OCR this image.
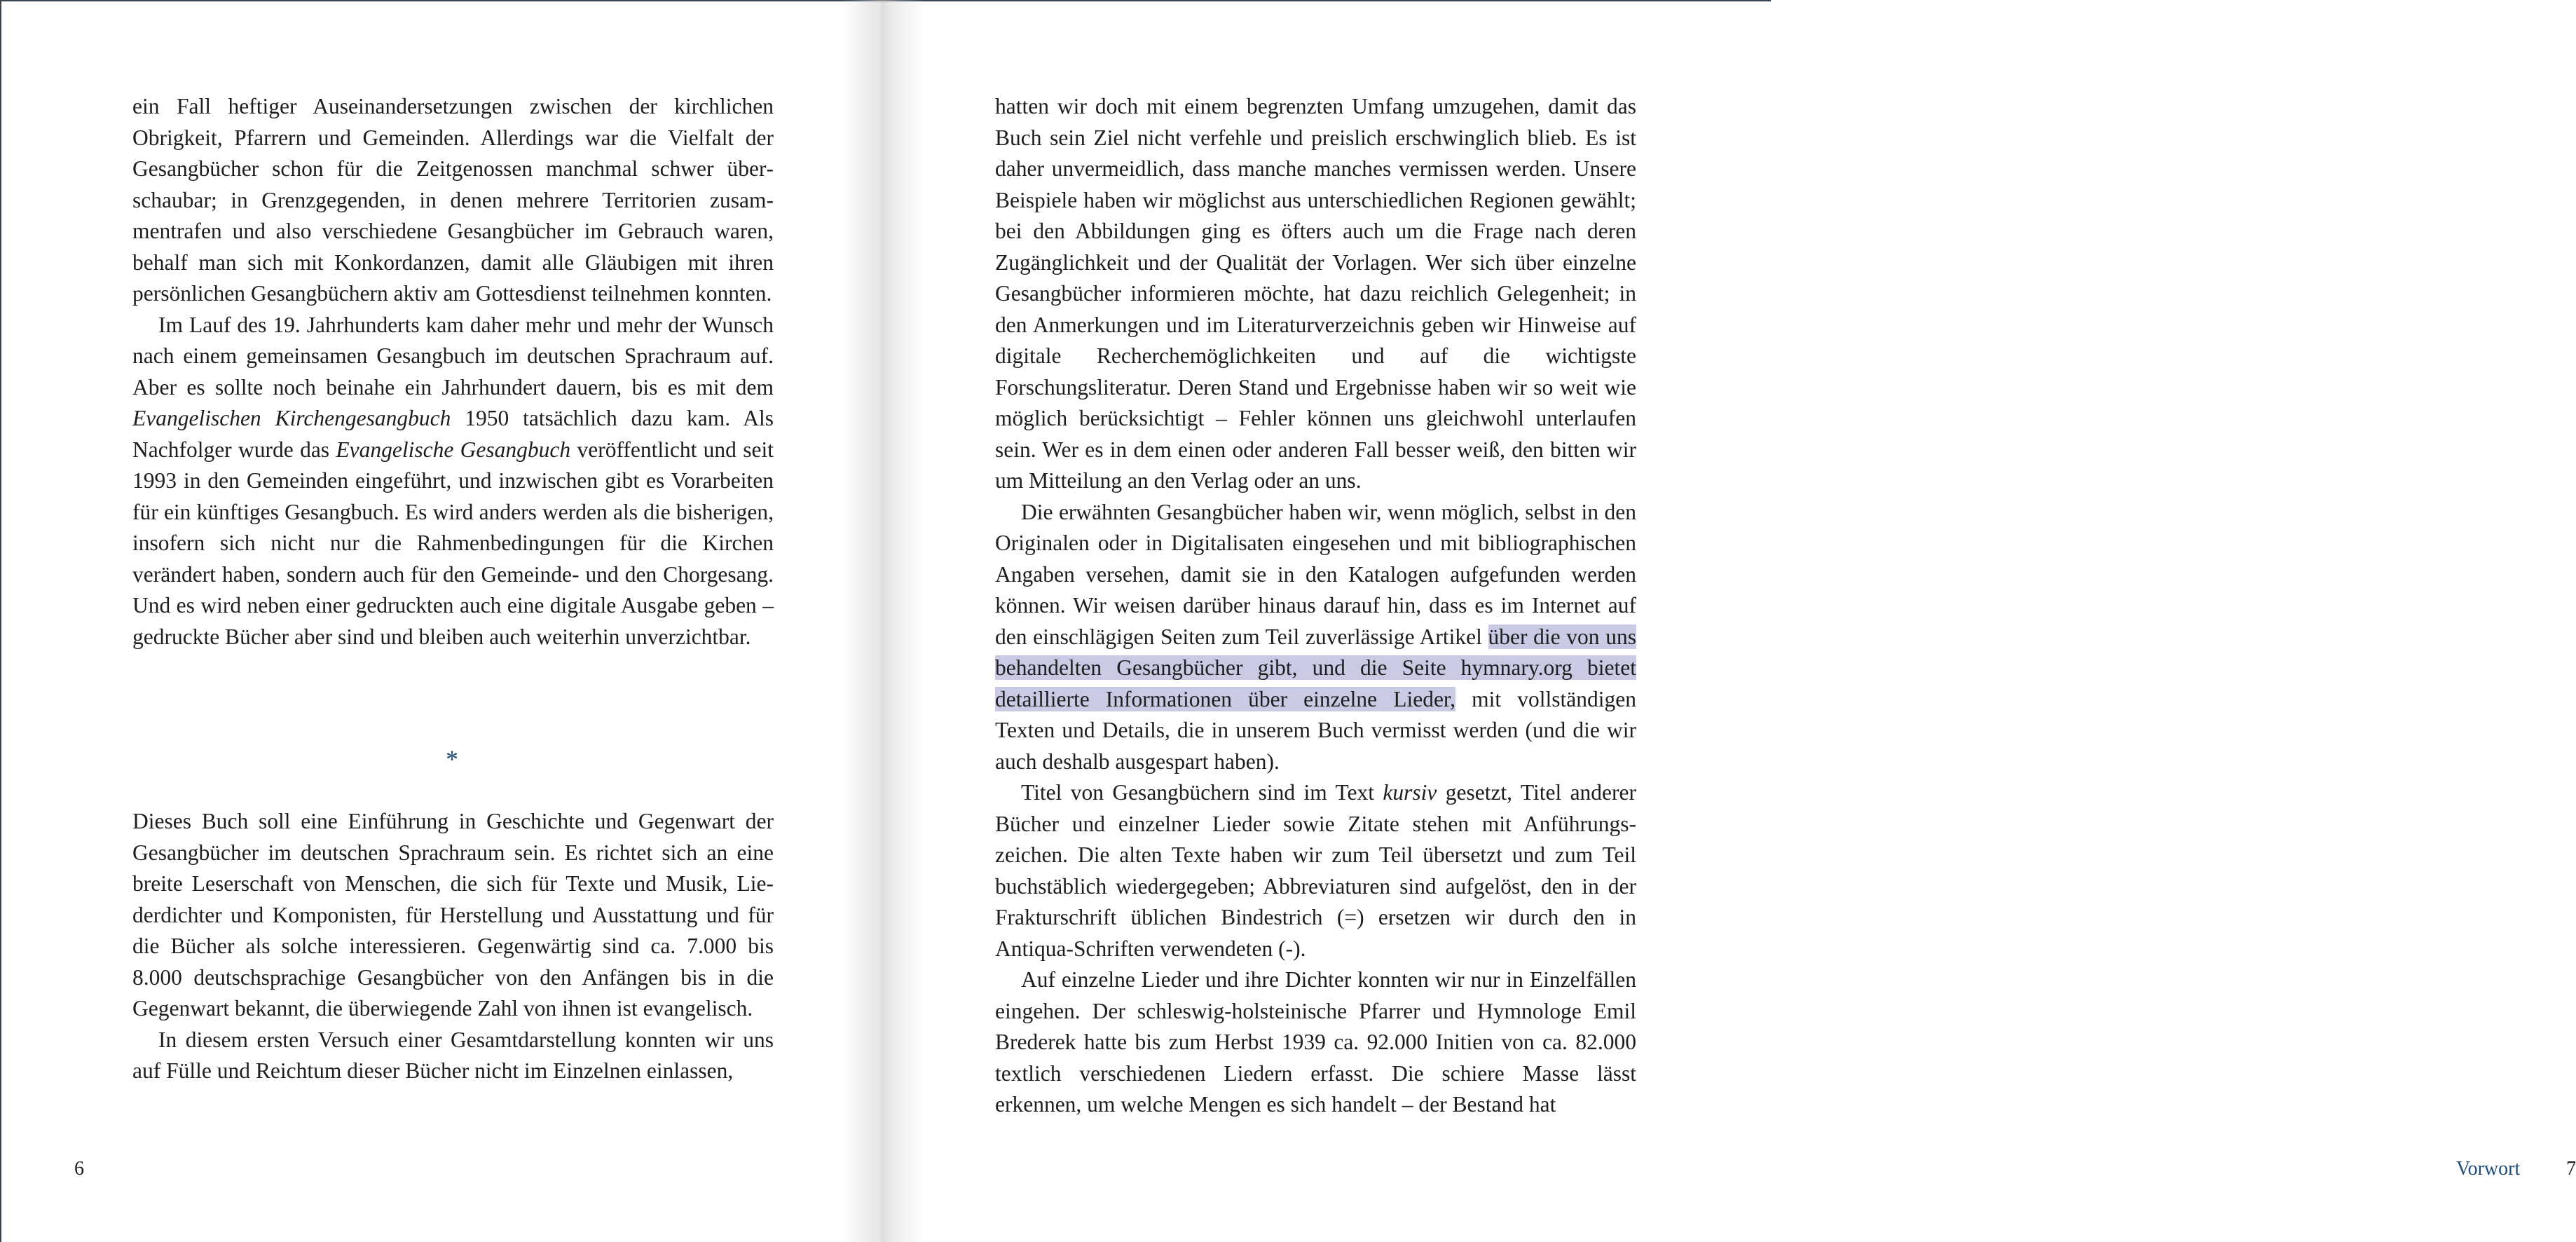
ein Fall heftiger Auseinandersetzungen zwischen der kirchlichen Obrigkeit, Pfarrern und Gemeinden. Allerdings war die Vielfalt der Gesangbücher schon für die Zeitgenossen manchmal schwer überschaubar; in Grenzgegenden, in denen mehrere Territorien zusammentrafen und also verschiedene Gesangbücher im Gebrauch waren, behalf man sich mit Konkordanzen, damit alle Gläubigen mit ihren persönlichen Gesangbüchern aktiv am Gottesdienst teilnehmen konnten.

Im Lauf des 19. Jahrhunderts kam daher mehr und mehr der Wunsch nach einem gemeinsamen Gesangbuch im deutschen Sprachraum auf. Aber es sollte noch beinahe ein Jahrhundert dauern, bis es mit dem Evangelischen Kirchengesangbuch 1950 tatsächlich dazu kam. Als Nachfolger wurde das Evangelische Gesangbuch veröffentlicht und seit 1993 in den Gemeinden eingeführt, und inzwischen gibt es Vorarbeiten für ein künftiges Gesangbuch. Es wird anders werden als die bisherigen, insofern sich nicht nur die Rahmenbedingungen für die Kirchen verändert haben, sondern auch für den Gemeinde- und den Chorgesang. Und es wird neben einer gedruckten auch eine digitale Ausgabe geben – gedruckte Bücher aber sind und bleiben auch weiterhin unverzichtbar.

*

Dieses Buch soll eine Einführung in Geschichte und Gegenwart der Gesangbücher im deutschen Sprachraum sein. Es richtet sich an eine breite Leserschaft von Menschen, die sich für Texte und Musik, Liederdichter und Komponisten, für Herstellung und Ausstattung und für die Bücher als solche interessieren. Gegenwärtig sind ca. 7.000 bis 8.000 deutschsprachige Gesangbücher von den Anfängen bis in die Gegenwart bekannt, die überwiegende Zahl von ihnen ist evangelisch.

In diesem ersten Versuch einer Gesamtdarstellung konnten wir uns auf Fülle und Reichtum dieser Bücher nicht im Einzelnen einlassen,

6

hatten wir doch mit einem begrenzten Umfang umzugehen, damit das Buch sein Ziel nicht verfehle und preislich erschwinglich blieb. Es ist daher unvermeidlich, dass manche manches vermissen werden. Unsere Beispiele haben wir möglichst aus unterschiedlichen Regionen gewählt; bei den Abbildungen ging es öfters auch um die Frage nach deren Zugänglichkeit und der Qualität der Vorlagen. Wer sich über einzelne Gesangbücher informieren möchte, hat dazu reichlich Gelegenheit; in den Anmerkungen und im Literaturverzeichnis geben wir Hinweise auf digitale Recherchemöglichkeiten und auf die wichtigste Forschungsliteratur. Deren Stand und Ergebnisse haben wir so weit wie möglich berücksichtigt – Fehler können uns gleichwohl unterlaufen sein. Wer es in dem einen oder anderen Fall besser weiß, den bitten wir um Mitteilung an den Verlag oder an uns.

Die erwähnten Gesangbücher haben wir, wenn möglich, selbst in den Originalen oder in Digitalisaten eingesehen und mit bibliographischen Angaben versehen, damit sie in den Katalogen aufgefunden werden können. Wir weisen darüber hinaus darauf hin, dass es im Internet auf den einschlägigen Seiten zum Teil zuverlässige Artikel über die von uns behandelten Gesangbücher gibt, und die Seite hymnary.org bietet detaillierte Informationen über einzelne Lieder, mit vollständigen Texten und Details, die in unserem Buch vermisst werden (und die wir auch deshalb ausgespart haben).

Titel von Gesangbüchern sind im Text kursiv gesetzt, Titel anderer Bücher und einzelner Lieder sowie Zitate stehen mit Anführungszeichen. Die alten Texte haben wir zum Teil übersetzt und zum Teil buchstäblich wiedergegeben; Abbreviaturen sind aufgelöst, den in der Frakturschrift üblichen Bindestrich (=) ersetzen wir durch den in Antiqua-Schriften verwendeten (-).

Auf einzelne Lieder und ihre Dichter konnten wir nur in Einzelfällen eingehen. Der schleswig-holsteinische Pfarrer und Hymnologe Emil Brederek hatte bis zum Herbst 1939 ca. 92.000 Initien von ca. 82.000 textlich verschiedenen Liedern erfasst. Die schiere Masse lässt erkennen, um welche Mengen es sich handelt – der Bestand hat

Vorwort 7
